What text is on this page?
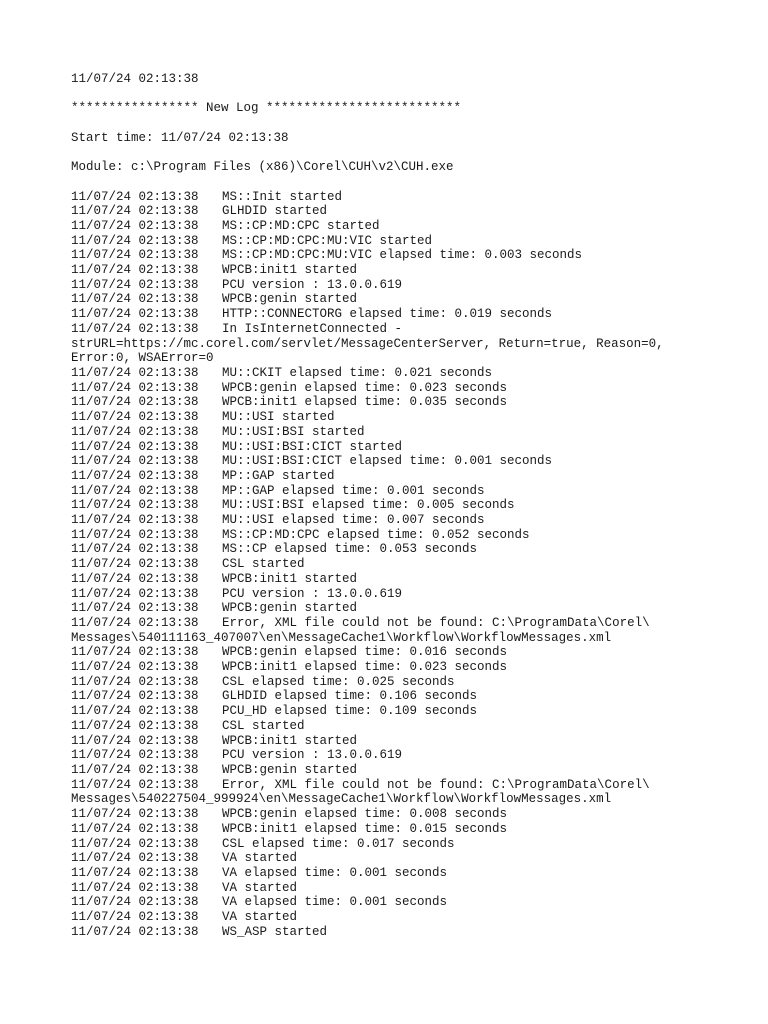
11/07/24 02:13:38
***************** New Log **************************
Start time: 11/07/24 02:13:38
Module: c:\Program Files (x86)\Corel\CUH\v2\CUH.exe
11/07/24 02:13:38 MS::Init started
11/07/24 02:13:38 GLHDID started
11/07/24 02:13:38 MS::CP:MD:CPC started
11/07/24 02:13:38 MS::CP:MD:CPC:MU:VIC started
11/07/24 02:13:38 MS::CP:MD:CPC:MU:VIC elapsed time: 0.003 seconds
11/07/24 02:13:38 WPCB:init1 started
11/07/24 02:13:38 PCU version : 13.0.0.619
11/07/24 02:13:38 WPCB:genin started
11/07/24 02:13:38 HTTP::CONNECTORG elapsed time: 0.019 seconds
11/07/24 02:13:38 In IsInternetConnected -
strURL=https://mc.corel.com/servlet/MessageCenterServer, Return=true, Reason=0,
Error:0, WSAError=0
11/07/24 02:13:38 MU::CKIT elapsed time: 0.021 seconds
11/07/24 02:13:38 WPCB:genin elapsed time: 0.023 seconds
11/07/24 02:13:38 WPCB:init1 elapsed time: 0.035 seconds
11/07/24 02:13:38 MU::USI started
11/07/24 02:13:38 MU::USI:BSI started
11/07/24 02:13:38 MU::USI:BSI:CICT started
11/07/24 02:13:38 MU::USI:BSI:CICT elapsed time: 0.001 seconds
11/07/24 02:13:38 MP::GAP started
11/07/24 02:13:38 MP::GAP elapsed time: 0.001 seconds
11/07/24 02:13:38 MU::USI:BSI elapsed time: 0.005 seconds
11/07/24 02:13:38 MU::USI elapsed time: 0.007 seconds
11/07/24 02:13:38 MS::CP:MD:CPC elapsed time: 0.052 seconds
11/07/24 02:13:38 MS::CP elapsed time: 0.053 seconds
11/07/24 02:13:38 CSL started
11/07/24 02:13:38 WPCB:init1 started
11/07/24 02:13:38 PCU version : 13.0.0.619
11/07/24 02:13:38 WPCB:genin started
11/07/24 02:13:38 Error, XML file could not be found: C:\ProgramData\Corel\
Messages\540111163_407007\en\MessageCache1\Workflow\WorkflowMessages.xml
11/07/24 02:13:38 WPCB:genin elapsed time: 0.016 seconds
11/07/24 02:13:38 WPCB:init1 elapsed time: 0.023 seconds
11/07/24 02:13:38 CSL elapsed time: 0.025 seconds
11/07/24 02:13:38 GLHDID elapsed time: 0.106 seconds
11/07/24 02:13:38 PCU_HD elapsed time: 0.109 seconds
11/07/24 02:13:38 CSL started
11/07/24 02:13:38 WPCB:init1 started
11/07/24 02:13:38 PCU version : 13.0.0.619
11/07/24 02:13:38 WPCB:genin started
11/07/24 02:13:38 Error, XML file could not be found: C:\ProgramData\Corel\
Messages\540227504_999924\en\MessageCache1\Workflow\WorkflowMessages.xml
11/07/24 02:13:38 WPCB:genin elapsed time: 0.008 seconds
11/07/24 02:13:38 WPCB:init1 elapsed time: 0.015 seconds
11/07/24 02:13:38 CSL elapsed time: 0.017 seconds
11/07/24 02:13:38 VA started
11/07/24 02:13:38 VA elapsed time: 0.001 seconds
11/07/24 02:13:38 VA started
11/07/24 02:13:38 VA elapsed time: 0.001 seconds
11/07/24 02:13:38 VA started
11/07/24 02:13:38 WS_ASP started
